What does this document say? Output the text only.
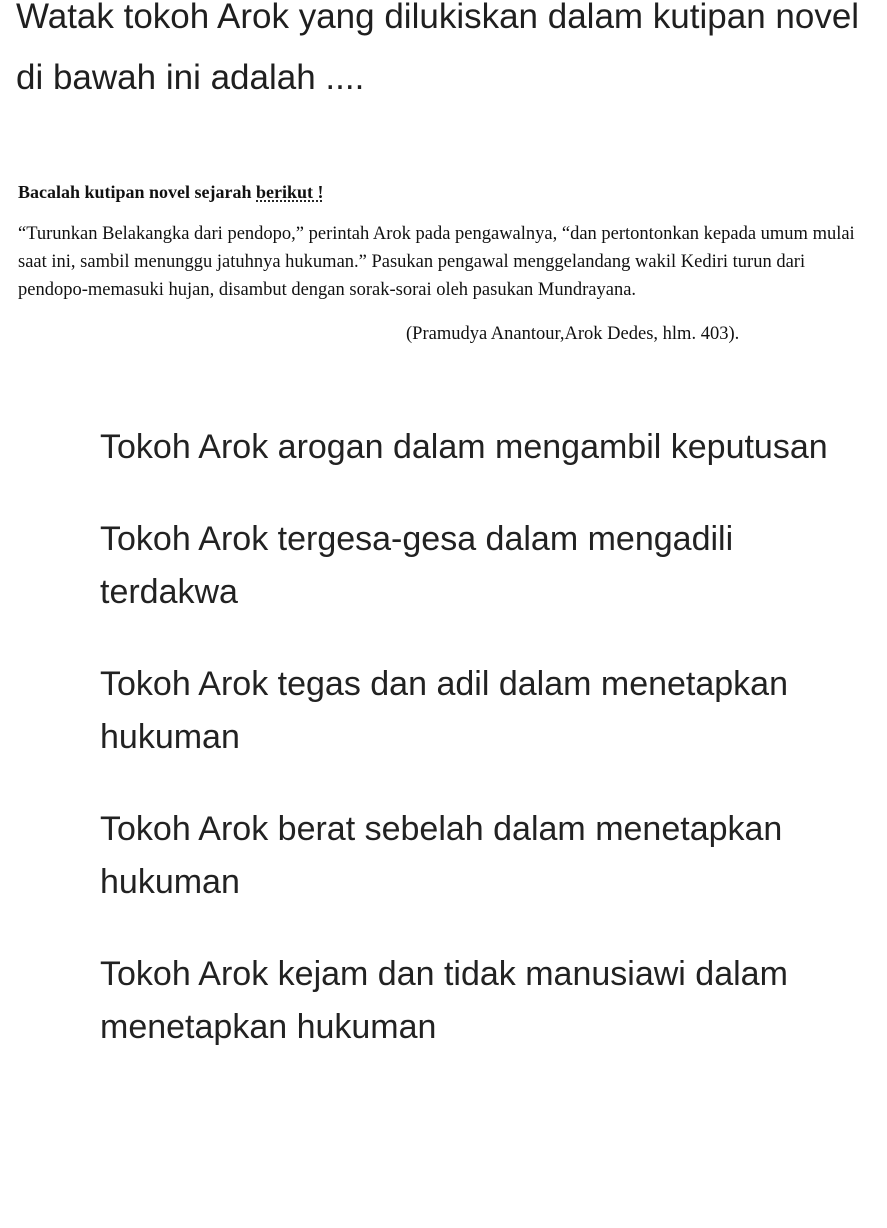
Watak tokoh Arok yang dilukiskan dalam kutipan novel di bawah ini adalah ....

Bacalah kutipan novel sejarah berikut !

“Turunkan Belakangka dari pendopo,” perintah Arok pada pengawalnya, “dan pertontonkan kepada umum mulai saat ini, sambil menunggu jatuhnya hukuman.” Pasukan pengawal menggelandang wakil Kediri turun dari pendopo-memasuki hujan, disambut dengan sorak-sorai oleh pasukan Mundrayana.

(Pramudya Anantour,Arok Dedes, hlm. 403).

Tokoh Arok arogan dalam mengambil keputusan
Tokoh Arok tergesa-gesa dalam mengadili terdakwa
Tokoh Arok tegas dan adil dalam menetapkan hukuman
Tokoh Arok berat sebelah dalam menetapkan hukuman
Tokoh Arok kejam dan tidak manusiawi dalam menetapkan hukuman
